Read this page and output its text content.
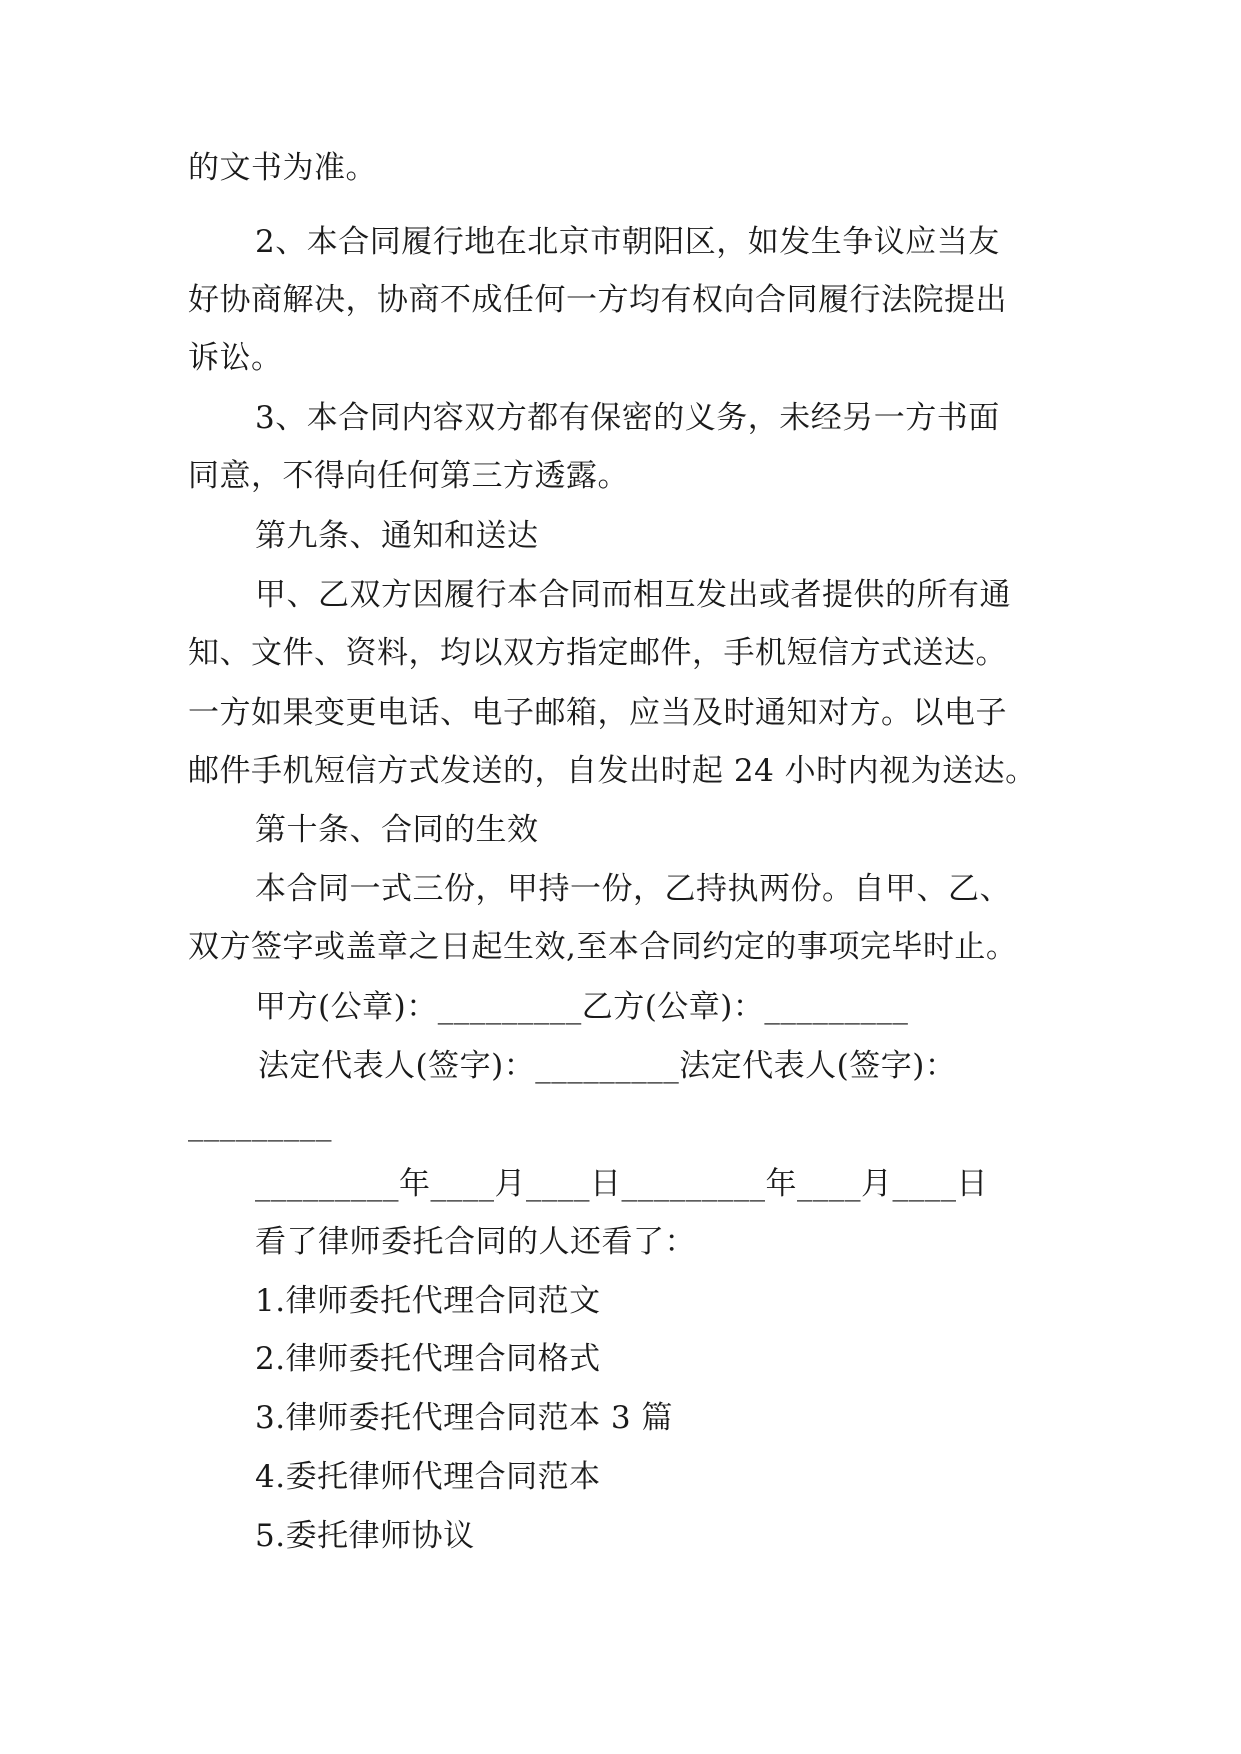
的文书为准。
2、本合同履行地在北京市朝阳区，如发生争议应当友
好协商解决，协商不成任何一方均有权向合同履行法院提出
诉讼。
3、本合同内容双方都有保密的义务，未经另一方书面
同意，不得向任何第三方透露。
第九条、通知和送达
甲、乙双方因履行本合同而相互发出或者提供的所有通
知、文件、资料，均以双方指定邮件，手机短信方式送达。
一方如果变更电话、电子邮箱，应当及时通知对方。以电子
邮件手机短信方式发送的，自发出时起 24 小时内视为送达。
第十条、合同的生效
本合同一式三份，甲持一份，乙持执两份。自甲、乙、
双方签字或盖章之日起生效,至本合同约定的事项完毕时止。
甲方(公章)：_________乙方(公章)：_________
法定代表人(签字)：_________法定代表人(签字)：
_________
_________年____月____日_________年____月____日
看了律师委托合同的人还看了：
1.律师委托代理合同范文
2.律师委托代理合同格式
3.律师委托代理合同范本 3 篇
4.委托律师代理合同范本
5.委托律师协议
